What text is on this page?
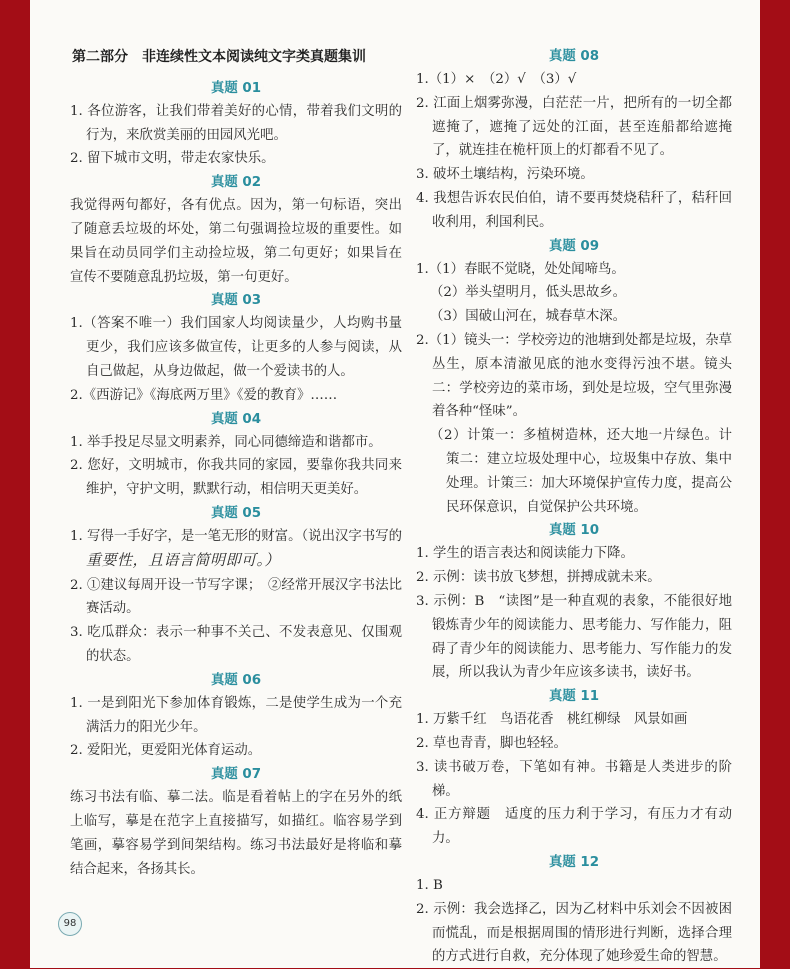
第二部分　非连续性文本阅读纯文字类真题集训
真题 01

1. 各位游客，让我们带着美好的心情，带着我们文明的行为，来欣赏美丽的田园风光吧。

2. 留下城市文明，带走农家快乐。

真题 02

我觉得两句都好，各有优点。因为，第一句标语，突出了随意丢垃圾的坏处，第二句强调捡垃圾的重要性。如果旨在动员同学们主动捡垃圾，第二句更好；如果旨在宣传不要随意乱扔垃圾，第一句更好。

真题 03

1.（答案不唯一）我们国家人均阅读量少，人均购书量更少，我们应该多做宣传，让更多的人参与阅读，从自己做起，从身边做起，做一个爱读书的人。

2.《西游记》《海底两万里》《爱的教育》……

真题 04

1. 举手投足尽显文明素养，同心同德缔造和谐都市。

2. 您好，文明城市，你我共同的家园，要靠你我共同来维护，守护文明，默默行动，相信明天更美好。

真题 05

1. 写得一手好字，是一笔无形的财富。（说出汉字书写的重要性，且语言简明即可。）

2. ①建议每周开设一节写字课；　②经常开展汉字书法比赛活动。

3. 吃瓜群众：表示一种事不关己、不发表意见、仅围观的状态。

真题 06

1. 一是到阳光下参加体育锻炼，二是使学生成为一个充满活力的阳光少年。

2. 爱阳光，更爱阳光体育运动。

真题 07

练习书法有临、摹二法。临是看着帖上的字在另外的纸上临写，摹是在范字上直接描写，如描红。临容易学到笔画，摹容易学到间架结构。练习书法最好是将临和摹结合起来，各扬其长。

真题 08

1.（1）×　（2）√　（3）√

2. 江面上烟雾弥漫，白茫茫一片，把所有的一切全都遮掩了，遮掩了远处的江面，甚至连船都给遮掩了，就连挂在桅杆顶上的灯都看不见了。

3. 破坏土壤结构，污染环境。

4. 我想告诉农民伯伯，请不要再焚烧秸秆了，秸秆回收利用，利国利民。

真题 09

1.（1）春眠不觉晓，处处闻啼鸟。

（2）举头望明月，低头思故乡。

（3）国破山河在，城春草木深。

2.（1）镜头一：学校旁边的池塘到处都是垃圾，杂草丛生，原本清澈见底的池水变得污浊不堪。镜头二：学校旁边的菜市场，到处是垃圾，空气里弥漫着各种“怪味”。

（2）计策一：多植树造林，还大地一片绿色。计策二：建立垃圾处理中心，垃圾集中存放、集中处理。计策三：加大环境保护宣传力度，提高公民环保意识，自觉保护公共环境。

真题 10

1. 学生的语言表达和阅读能力下降。

2. 示例：读书放飞梦想，拼搏成就未来。

3. 示例：B　“读图”是一种直观的表象，不能很好地锻炼青少年的阅读能力、思考能力、写作能力，阻碍了青少年的阅读能力、思考能力、写作能力的发展，所以我认为青少年应该多读书，读好书。

真题 11

1. 万紫千红　鸟语花香　桃红柳绿　风景如画

2. 草也青青，脚也轻轻。

3. 读书破万卷，下笔如有神。书籍是人类进步的阶梯。

4. 正方辩题　适度的压力利于学习，有压力才有动力。

真题 12

1. B

2. 示例：我会选择乙，因为乙材料中乐刘会不因被困而慌乱，而是根据周围的情形进行判断，选择合理的方式进行自救，充分体现了她珍爱生命的智慧。

98
